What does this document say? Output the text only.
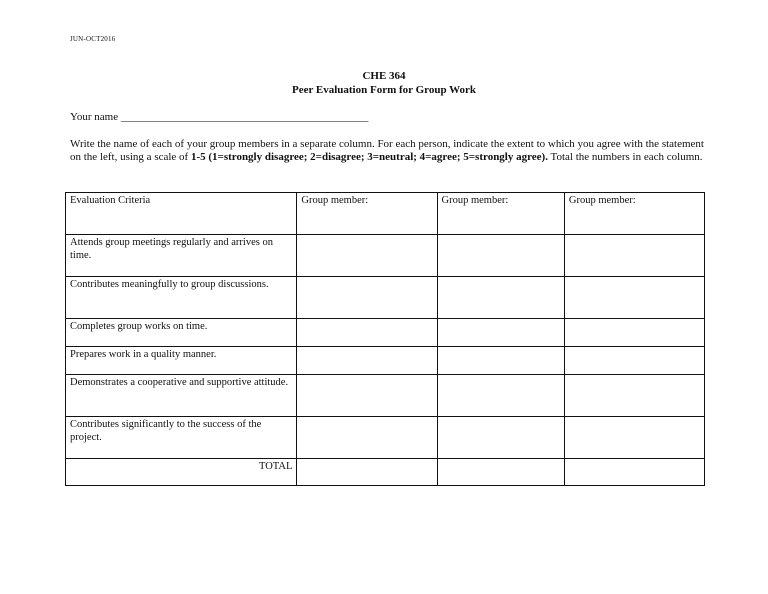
JUN-OCT2016
CHE 364
Peer Evaluation Form for Group Work
Your name _____________________________________________
Write the name of each of your group members in a separate column. For each person, indicate the extent to which you agree with the statement on the left, using a scale of 1-5 (1=strongly disagree; 2=disagree; 3=neutral; 4=agree; 5=strongly agree). Total the numbers in each column.
Evaluation Criteria	Group member:	Group member:	Group member:
Attends group meetings regularly and arrives on time.			
Contributes meaningfully to group discussions.			
Completes group works on time.			
Prepares work in a quality manner.			
Demonstrates a cooperative and supportive attitude.			
Contributes significantly to the success of the project.			
TOTAL			
